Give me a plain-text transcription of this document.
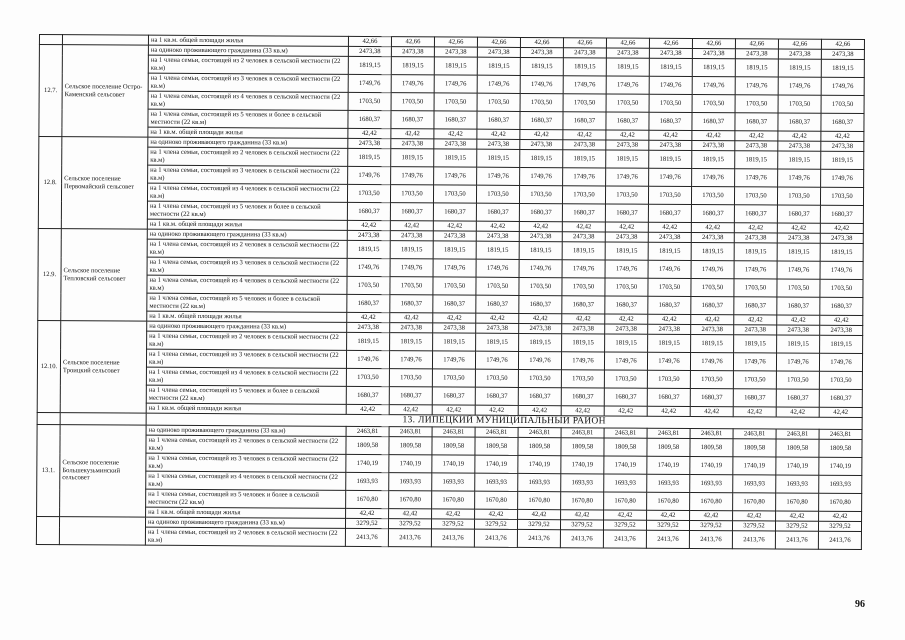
		на 1 кв.м. общей площади жилья	42,66	42,66	42,66	42,66	42,66	42,66	42,66	42,66	42,66	42,66	42,66	42,66
12.7.	Сельское поселение Остро-Каменский сельсовет	на одиноко проживающего гражданина (33 кв.м)	2473,38	2473,38	2473,38	2473,38	2473,38	2473,38	2473,38	2473,38	2473,38	2473,38	2473,38	2473,38
		на 1 члена семьи, состоящей из 2 человек в сельской местности (22 кв.м)	1819,15	1819,15	1819,15	1819,15	1819,15	1819,15	1819,15	1819,15	1819,15	1819,15	1819,15	1819,15
		на 1 члена семьи, состоящей из 3 человек в сельской местности (22 кв.м)	1749,76	1749,76	1749,76	1749,76	1749,76	1749,76	1749,76	1749,76	1749,76	1749,76	1749,76	1749,76
		на 1 члена семьи, состоящей из 4 человек в сельской местности (22 кв.м)	1703,50	1703,50	1703,50	1703,50	1703,50	1703,50	1703,50	1703,50	1703,50	1703,50	1703,50	1703,50
		на 1 члена семьи, состоящей из 5 человек и более в сельской местности (22 кв.м)	1680,37	1680,37	1680,37	1680,37	1680,37	1680,37	1680,37	1680,37	1680,37	1680,37	1680,37	1680,37
		на 1 кв.м. общей площади жилья	42,42	42,42	42,42	42,42	42,42	42,42	42,42	42,42	42,42	42,42	42,42	42,42
12.8.	Сельское поселение Первомайский сельсовет	на одиноко проживающего гражданина (33 кв.м)	2473,38	2473,38	2473,38	2473,38	2473,38	2473,38	2473,38	2473,38	2473,38	2473,38	2473,38	2473,38
		на 1 члена семьи, состоящей из 2 человек в сельской местности (22 кв.м)	1819,15	1819,15	1819,15	1819,15	1819,15	1819,15	1819,15	1819,15	1819,15	1819,15	1819,15	1819,15
		на 1 члена семьи, состоящей из 3 человек в сельской местности (22 кв.м)	1749,76	1749,76	1749,76	1749,76	1749,76	1749,76	1749,76	1749,76	1749,76	1749,76	1749,76	1749,76
		на 1 члена семьи, состоящей из 4 человек в сельской местности (22 кв.м)	1703,50	1703,50	1703,50	1703,50	1703,50	1703,50	1703,50	1703,50	1703,50	1703,50	1703,50	1703,50
		на 1 члена семьи, состоящей из 5 человек и более в сельской местности (22 кв.м)	1680,37	1680,37	1680,37	1680,37	1680,37	1680,37	1680,37	1680,37	1680,37	1680,37	1680,37	1680,37
		на 1 кв.м. общей площади жилья	42,42	42,42	42,42	42,42	42,42	42,42	42,42	42,42	42,42	42,42	42,42	42,42
12.9.	Сельское поселение Тепловский сельсовет	на одиноко проживающего гражданина (33 кв.м)	2473,38	2473,38	2473,38	2473,38	2473,38	2473,38	2473,38	2473,38	2473,38	2473,38	2473,38	2473,38
		на 1 члена семьи, состоящей из 2 человек в сельской местности (22 кв.м)	1819,15	1819,15	1819,15	1819,15	1819,15	1819,15	1819,15	1819,15	1819,15	1819,15	1819,15	1819,15
		на 1 члена семьи, состоящей из 3 человек в сельской местности (22 кв.м)	1749,76	1749,76	1749,76	1749,76	1749,76	1749,76	1749,76	1749,76	1749,76	1749,76	1749,76	1749,76
		на 1 члена семьи, состоящей из 4 человек в сельской местности (22 кв.м)	1703,50	1703,50	1703,50	1703,50	1703,50	1703,50	1703,50	1703,50	1703,50	1703,50	1703,50	1703,50
		на 1 члена семьи, состоящей из 5 человек и более в сельской местности (22 кв.м)	1680,37	1680,37	1680,37	1680,37	1680,37	1680,37	1680,37	1680,37	1680,37	1680,37	1680,37	1680,37
		на 1 кв.м. общей площади жилья	42,42	42,42	42,42	42,42	42,42	42,42	42,42	42,42	42,42	42,42	42,42	42,42
12.10.	Сельское поселение Троицкий сельсовет	на одиноко проживающего гражданина (33 кв.м)	2473,38	2473,38	2473,38	2473,38	2473,38	2473,38	2473,38	2473,38	2473,38	2473,38	2473,38	2473,38
		на 1 члена семьи, состоящей из 2 человек в сельской местности (22 кв.м)	1819,15	1819,15	1819,15	1819,15	1819,15	1819,15	1819,15	1819,15	1819,15	1819,15	1819,15	1819,15
		на 1 члена семьи, состоящей из 3 человек в сельской местности (22 кв.м)	1749,76	1749,76	1749,76	1749,76	1749,76	1749,76	1749,76	1749,76	1749,76	1749,76	1749,76	1749,76
		на 1 члена семьи, состоящей из 4 человек в сельской местности (22 кв.м)	1703,50	1703,50	1703,50	1703,50	1703,50	1703,50	1703,50	1703,50	1703,50	1703,50	1703,50	1703,50
		на 1 члена семьи, состоящей из 5 человек и более в сельской местности (22 кв.м)	1680,37	1680,37	1680,37	1680,37	1680,37	1680,37	1680,37	1680,37	1680,37	1680,37	1680,37	1680,37
		на 1 кв.м. общей площади жилья	42,42	42,42	42,42	42,42	42,42	42,42	42,42	42,42	42,42	42,42	42,42	42,42
		13. ЛИПЕЦКИЙ МУНИЦИПАЛЬНЫЙ РАЙОН												
13.1.	Сельское поселение Большекузьминский сельсовет	на одиноко проживающего гражданина (33 кв.м)	2463,81	2463,81	2463,81	2463,81	2463,81	2463,81	2463,81	2463,81	2463,81	2463,81	2463,81	2463,81
		на 1 члена семьи, состоящей из 2 человек в сельской местности (22 кв.м)	1809,58	1809,58	1809,58	1809,58	1809,58	1809,58	1809,58	1809,58	1809,58	1809,58	1809,58	1809,58
		на 1 члена семьи, состоящей из 3 человек в сельской местности (22 кв.м)	1740,19	1740,19	1740,19	1740,19	1740,19	1740,19	1740,19	1740,19	1740,19	1740,19	1740,19	1740,19
		на 1 члена семьи, состоящей из 4 человек в сельской местности (22 кв.м)	1693,93	1693,93	1693,93	1693,93	1693,93	1693,93	1693,93	1693,93	1693,93	1693,93	1693,93	1693,93
		на 1 члена семьи, состоящей из 5 человек и более в сельской местности (22 кв.м)	1670,80	1670,80	1670,80	1670,80	1670,80	1670,80	1670,80	1670,80	1670,80	1670,80	1670,80	1670,80
		на 1 кв.м. общей площади жилья	42,42	42,42	42,42	42,42	42,42	42,42	42,42	42,42	42,42	42,42	42,42	42,42
		на одиноко проживающего гражданина (33 кв.м)	3279,52	3279,52	3279,52	3279,52	3279,52	3279,52	3279,52	3279,52	3279,52	3279,52	3279,52	3279,52
		на 1 члена семьи, состоящей из 2 человек в сельской местности (22 кв.м)	2413,76	2413,76	2413,76	2413,76	2413,76	2413,76	2413,76	2413,76	2413,76	2413,76	2413,76	2413,76
96
